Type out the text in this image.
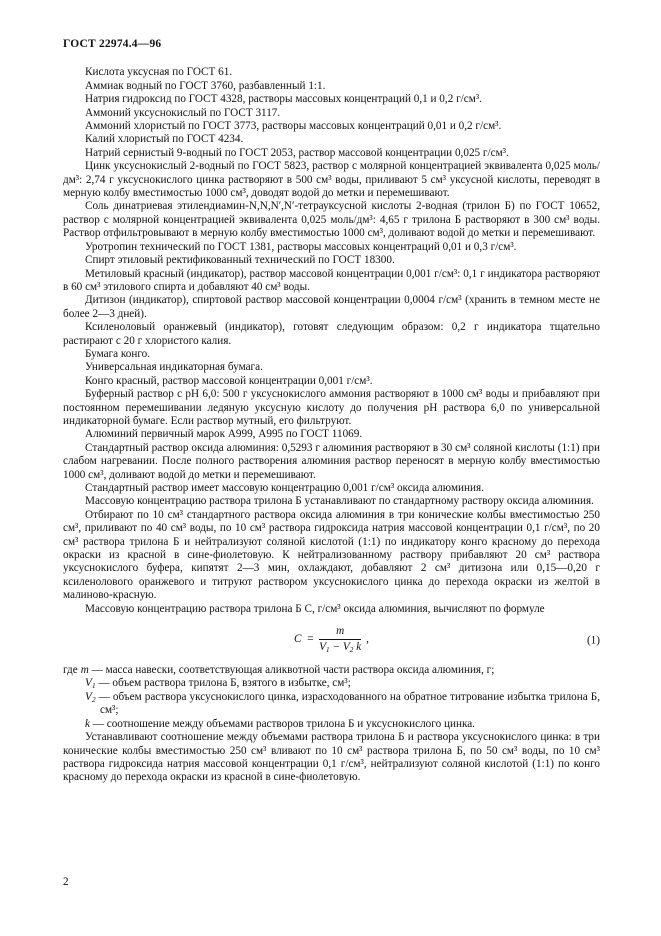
ГОСТ 22974.4—96

Кислота уксусная по ГОСТ 61.

Аммиак водный по ГОСТ 3760, разбавленный 1:1.

Натрия гидроксид по ГОСТ 4328, растворы массовых концентраций 0,1 и 0,2 г/см³.

Аммоний уксуснокислый по ГОСТ 3117.

Аммоний хлористый по ГОСТ 3773, растворы массовых концентраций 0,01 и 0,2 г/см³.

Калий хлористый по ГОСТ 4234.

Натрий сернистый 9-водный по ГОСТ 2053, раствор массовой концентрации 0,025 г/см³.

Цинк уксуснокислый 2-водный по ГОСТ 5823, раствор с молярной концентрацией эквивалента 0,025 моль/дм³: 2,74 г уксуснокислого цинка растворяют в 500 см³ воды, приливают 5 см³ уксусной кислоты, переводят в мерную колбу вместимостью 1000 см³, доводят водой до метки и перемешивают.

Соль динатриевая этилендиамин-N,N,N′,N′-тетрауксусной кислоты 2-водная (трилон Б) по ГОСТ 10652, раствор с молярной концентрацией эквивалента 0,025 моль/дм³: 4,65 г трилона Б растворяют в 300 см³ воды. Раствор отфильтровывают в мерную колбу вместимостью 1000 см³, доливают водой до метки и перемешивают.

Уротропин технический по ГОСТ 1381, растворы массовых концентраций 0,01 и 0,3 г/см³.

Спирт этиловый ректификованный технический по ГОСТ 18300.

Метиловый красный (индикатор), раствор массовой концентрации 0,001 г/см³: 0,1 г индикатора растворяют в 60 см³ этилового спирта и добавляют 40 см³ воды.

Дитизон (индикатор), спиртовой раствор массовой концентрации 0,0004 г/см³ (хранить в темном месте не более 2—3 дней).

Ксиленоловый оранжевый (индикатор), готовят следующим образом: 0,2 г индикатора тщательно растирают с 20 г хлористого калия.

Бумага конго.

Универсальная индикаторная бумага.

Конго красный, раствор массовой концентрации 0,001 г/см³.

Буферный раствор с рН 6,0: 500 г уксуснокислого аммония растворяют в 1000 см³ воды и прибавляют при постоянном перемешивании ледяную уксусную кислоту до получения рН раствора 6,0 по универсальной индикаторной бумаге. Если раствор мутный, его фильтруют.

Алюминий первичный марок А999, А995 по ГОСТ 11069.

Стандартный раствор оксида алюминия: 0,5293 г алюминия растворяют в 30 см³ соляной кислоты (1:1) при слабом нагревании. После полного растворения алюминия раствор переносят в мерную колбу вместимостью 1000 см³, доливают водой до метки и перемешивают.

Стандартный раствор имеет массовую концентрацию 0,001 г/см³ оксида алюминия.

Массовую концентрацию раствора трилона Б устанавливают по стандартному раствору оксида алюминия.

Отбирают по 10 см³ стандартного раствора оксида алюминия в три конические колбы вместимостью 250 см³, приливают по 40 см³ воды, по 10 см³ раствора гидроксида натрия массовой концентрации 0,1 г/см³, по 20 см³ раствора трилона Б и нейтрализуют соляной кислотой (1:1) по индикатору конго красному до перехода окраски из красной в сине-фиолетовую. К нейтрализованному раствору прибавляют 20 см³ раствора уксуснокислого буфера, кипятят 2—3 мин, охлаждают, добавляют 2 см³ дитизона или 0,15—0,20 г ксиленолового оранжевого и титруют раствором уксуснокислого цинка до перехода окраски из желтой в малиново-красную.

Массовую концентрацию раствора трилона Б С, г/см³ оксида алюминия, вычисляют по формуле

$C = \frac{m}{V_1 - V_2 k}$ ,	(1)

где m — масса навески, соответствующая аликвотной части раствора оксида алюминия, г;

$V_1$ — объем раствора трилона Б, взятого в избытке, см³;

$V_2$ — объем раствора уксуснокислого цинка, израсходованного на обратное титрование избытка трилона Б, см³;

k — соотношение между объемами растворов трилона Б и уксуснокислого цинка.

Устанавливают соотношение между объемами раствора трилона Б и раствора уксуснокислого цинка: в три конические колбы вместимостью 250 см³ вливают по 10 см³ раствора трилона Б, по 50 см³ воды, по 10 см³ раствора гидроксида натрия массовой концентрации 0,1 г/см³, нейтрализуют соляной кислотой (1:1) по конго красному до перехода окраски из красной в сине-фиолетовую.

2
